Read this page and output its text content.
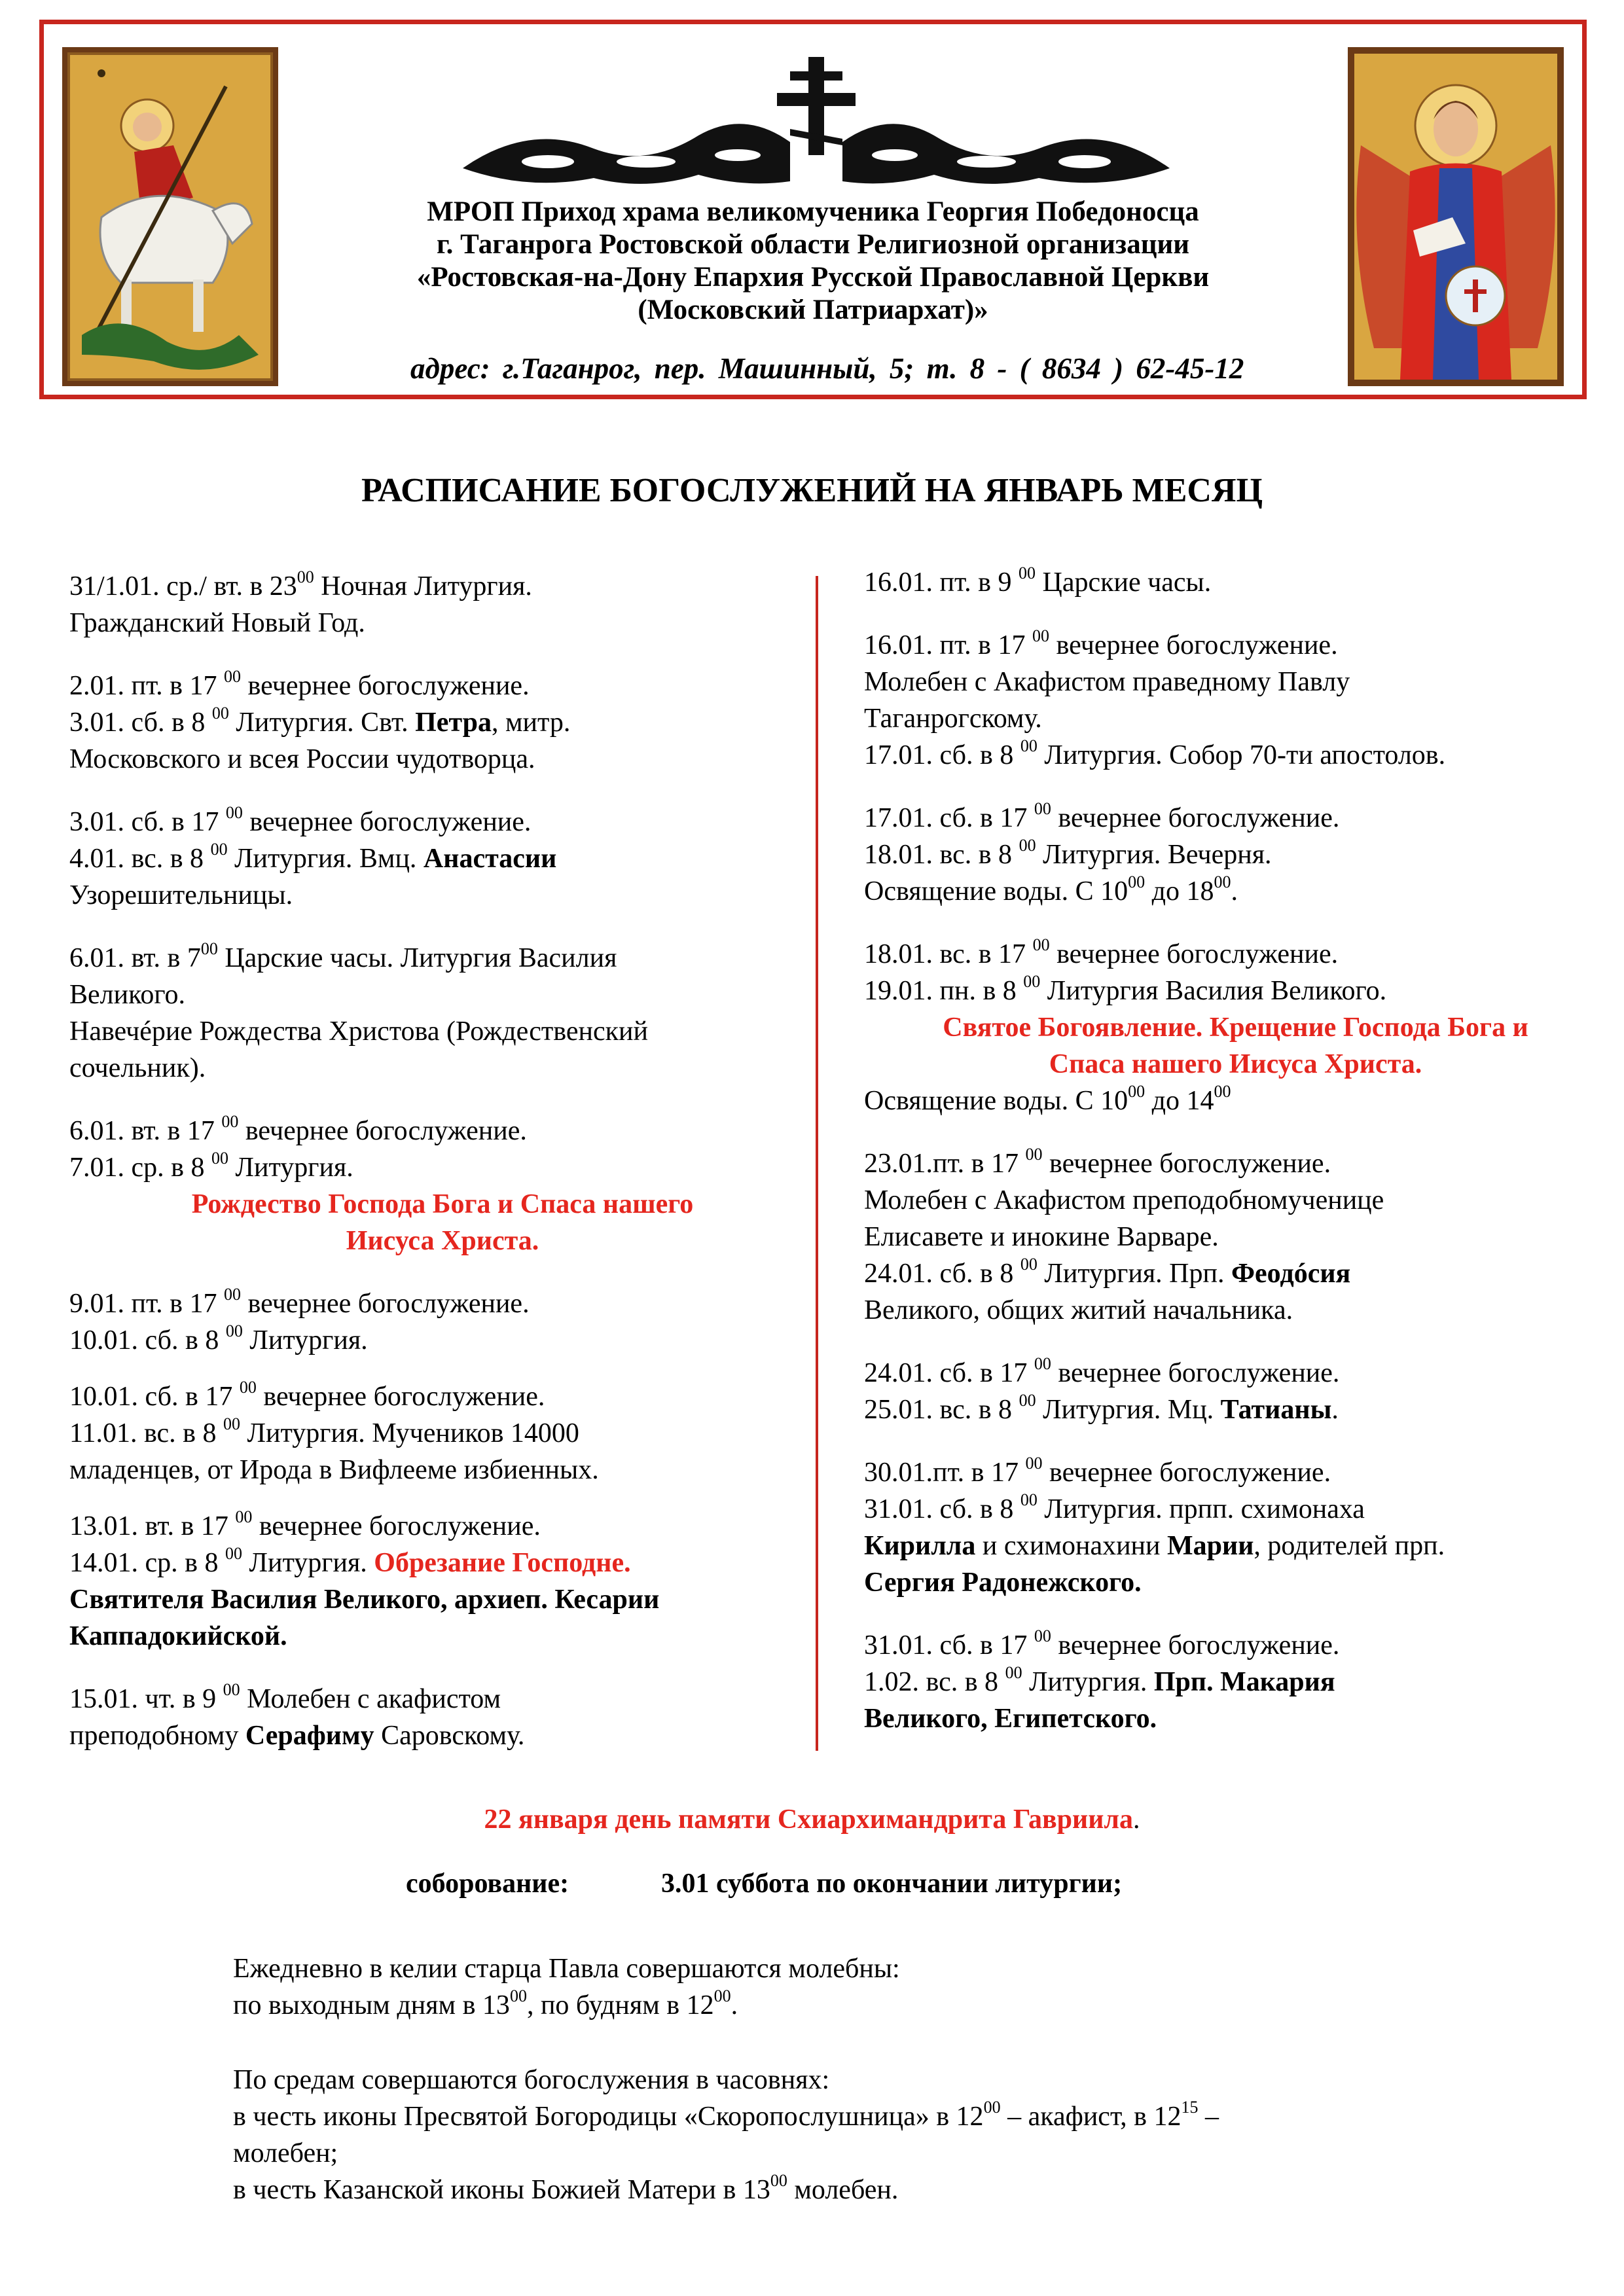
МРОП Приход храма великомученика Георгия Победоносца
г. Таганрога Ростовской области Религиозной организации
«Ростовская-на-Дону Епархия Русской Православной Церкви
(Московский Патриархат)»
адрес: г.Таганрог, пер. Машинный, 5; т. 8 - ( 8634 ) 62-45-12
РАСПИСАНИЕ БОГОСЛУЖЕНИЙ НА ЯНВАРЬ МЕСЯЦ
31/1.01. ср./ вт. в $23^{00}$ Ночная Литургия.
Гражданский Новый Год.
2.01. пт. в 17 $^{00}$ вечернее богослужение.
3.01. сб. в 8 $^{00}$ Литургия. Свт. Петра, митр.
Московского и всея России чудотворца.
3.01. сб. в 17 $^{00}$ вечернее богослужение.
4.01. вс. в 8 $^{00}$ Литургия. Вмц. Анастасии
Узорешительницы.
6.01. вт. в $7^{00}$ Царские часы. Литургия Василия
Великого.
Навечéрие Рождества Христова (Рождественский
сочельник).
6.01. вт. в 17 $^{00}$ вечернее богослужение.
7.01. ср. в 8 $^{00}$ Литургия.
Рождество Господа Бога и Спаса нашего
Иисуса Христа.
9.01. пт. в 17 $^{00}$ вечернее богослужение.
10.01. сб. в 8 $^{00}$ Литургия.
10.01. сб. в 17 $^{00}$ вечернее богослужение.
11.01. вс. в 8 $^{00}$ Литургия. Мучеников 14000
младенцев, от Ирода в Вифлееме избиенных.
13.01. вт. в 17 $^{00}$ вечернее богослужение.
14.01. ср. в 8 $^{00}$ Литургия. Обрезание Господне.
Святителя Василия Великого, архиеп. Кесарии
Каппадокийской.
15.01. чт. в 9 $^{00}$ Молебен с акафистом
преподобному Серафиму Саровскому.
16.01. пт. в 9 $^{00}$ Царские часы.
16.01. пт. в 17 $^{00}$ вечернее богослужение.
Молебен с Акафистом праведному Павлу
Таганрогскому.
17.01. сб. в 8 $^{00}$ Литургия. Собор 70-ти апостолов.
17.01. сб. в 17 $^{00}$ вечернее богослужение.
18.01. вс. в 8 $^{00}$ Литургия. Вечерня.
Освящение воды. С $10^{00}$ до $18^{00}$.
18.01. вс. в 17 $^{00}$ вечернее богослужение.
19.01. пн. в 8 $^{00}$ Литургия Василия Великого.
Святое Богоявление. Крещение Господа Бога и
Спаса нашего Иисуса Христа.
Освящение воды. С $10^{00}$ до $14^{00}$
23.01.пт. в 17 $^{00}$ вечернее богослужение.
Молебен с Акафистом преподобномученице
Елисавете и инокине Варваре.
24.01. сб. в 8 $^{00}$ Литургия. Прп. Феодóсия
Великого, общих житий начальника.
24.01. сб. в 17 $^{00}$ вечернее богослужение.
25.01. вс. в 8 $^{00}$ Литургия. Мц. Татианы.
30.01.пт. в 17 $^{00}$ вечернее богослужение.
31.01. сб. в 8 $^{00}$ Литургия. прпп. схимонаха
Кирилла и схимонахини Марии, родителей прп.
Сергия Радонежского.
31.01. сб. в 17 $^{00}$ вечернее богослужение.
1.02. вс. в 8 $^{00}$ Литургия. Прп. Макария
Великого, Египетского.
22 января день памяти Схиархимандрита Гавриила.
соборование:	3.01 суббота по окончании литургии;
Ежедневно в келии старца Павла совершаются молебны:
по выходным дням в $13^{00}$, по будням в $12^{00}$.
По средам совершаются богослужения в часовнях:
в честь иконы Пресвятой Богородицы «Скоропослушница» в $12^{00}$ – акафист, в $12^{15}$ –
молебен;
в честь Казанской иконы Божией Матери в $13^{00}$ молебен.
